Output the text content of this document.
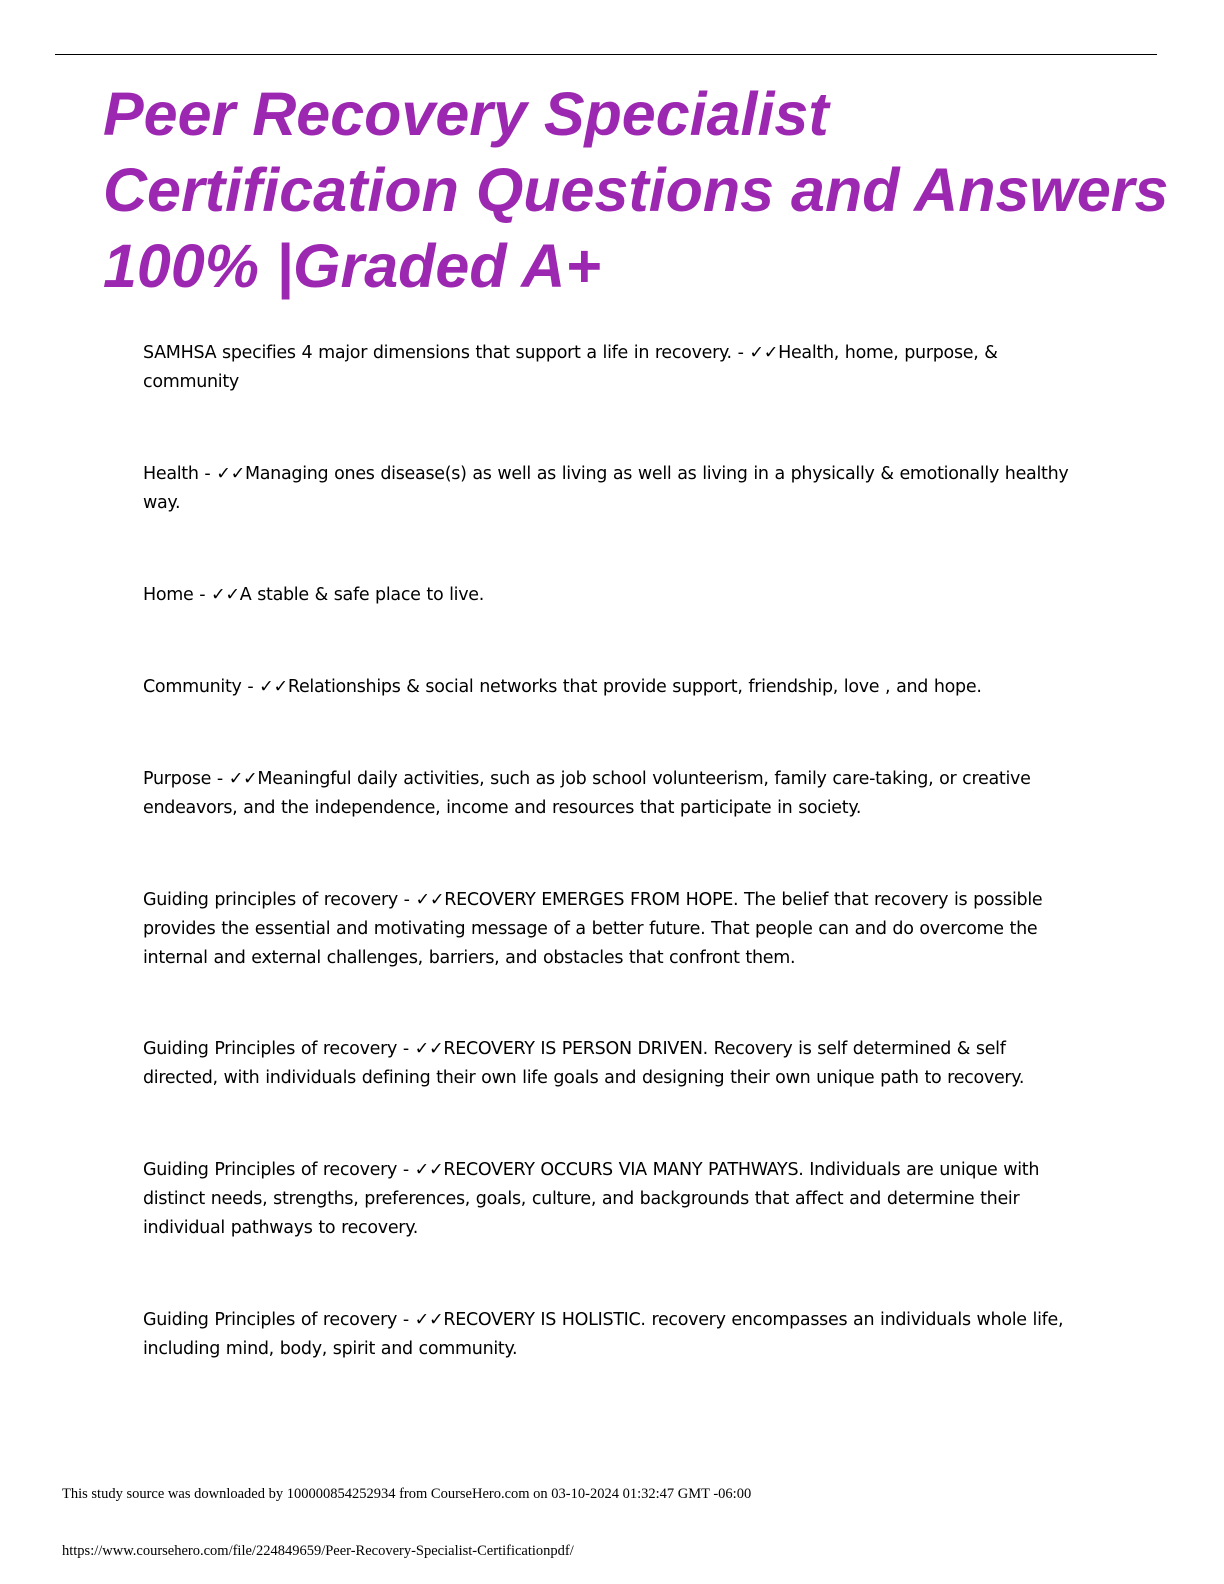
Peer Recovery Specialist
Certification Questions and Answers
100% |Graded A+

SAMHSA specifies 4 major dimensions that support a life in recovery. - ✓✓Health, home, purpose, & community

Health - ✓✓Managing ones disease(s) as well as living as well as living in a physically & emotionally healthy way.

Home - ✓✓A stable & safe place to live.

Community - ✓✓Relationships & social networks that provide support, friendship, love , and hope.

Purpose - ✓✓Meaningful daily activities, such as job school volunteerism, family care-taking, or creative endeavors, and the independence, income and resources that participate in society.

Guiding principles of recovery - ✓✓RECOVERY EMERGES FROM HOPE. The belief that recovery is possible provides the essential and motivating message of a better future. That people can and do overcome the internal and external challenges, barriers, and obstacles that confront them.

Guiding Principles of recovery - ✓✓RECOVERY IS PERSON DRIVEN. Recovery is self determined & self directed, with individuals defining their own life goals and designing their own unique path to recovery.

Guiding Principles of recovery - ✓✓RECOVERY OCCURS VIA MANY PATHWAYS. Individuals are unique with distinct needs, strengths, preferences, goals, culture, and backgrounds that affect and determine their individual pathways to recovery.

Guiding Principles of recovery - ✓✓RECOVERY IS HOLISTIC. recovery encompasses an individuals whole life, including mind, body, spirit and community.

This study source was downloaded by 100000854252934 from CourseHero.com on 03-10-2024 01:32:47 GMT -06:00

https://www.coursehero.com/file/224849659/Peer-Recovery-Specialist-Certificationpdf/
